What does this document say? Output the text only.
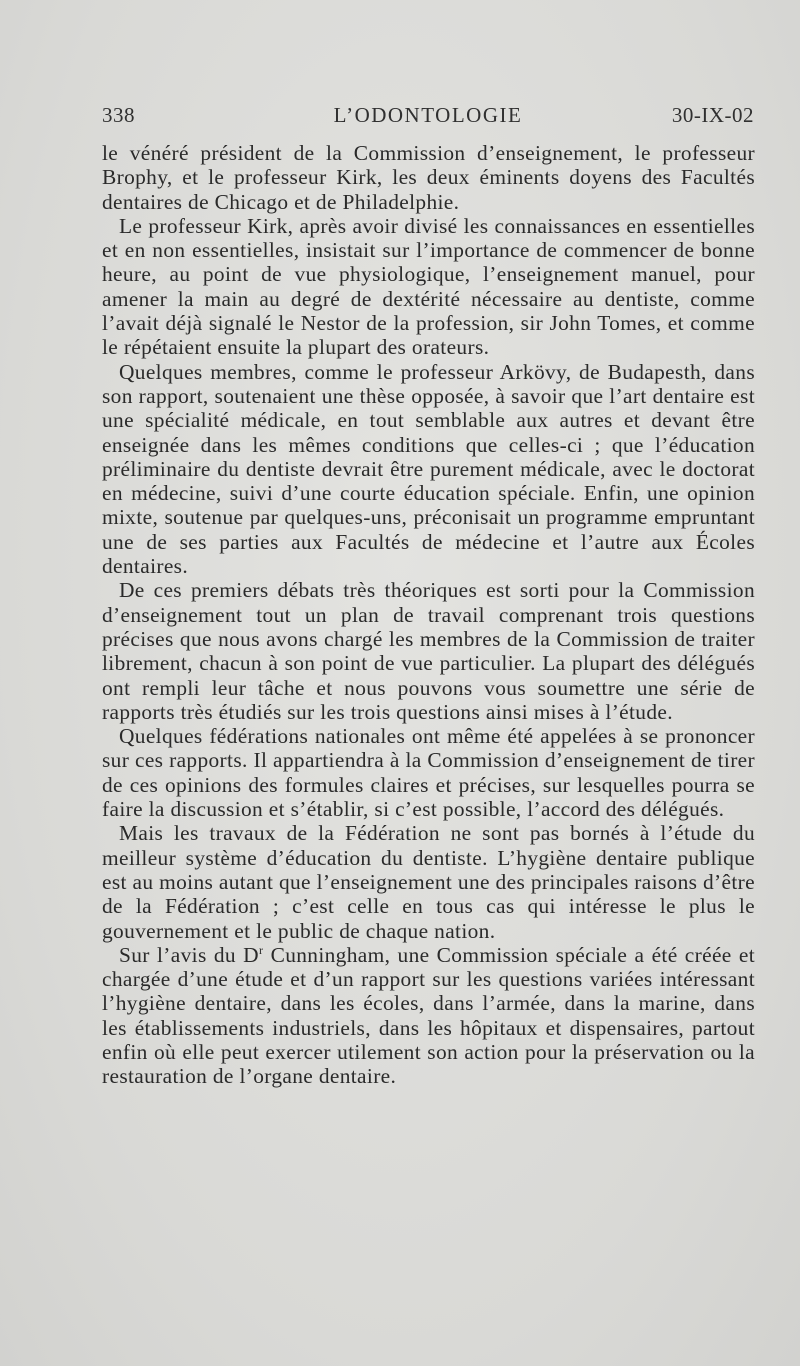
338	L’ODONTOLOGIE	30-IX-02

le vénéré président de la Commission d’enseignement, le professeur Brophy, et le professeur Kirk, les deux éminents doyens des Facultés dentaires de Chicago et de Philadelphie.

Le professeur Kirk, après avoir divisé les connaissances en essentielles et en non essentielles, insistait sur l’importance de commencer de bonne heure, au point de vue physiologique, l’enseignement manuel, pour amener la main au degré de dextérité nécessaire au dentiste, comme l’avait déjà signalé le Nestor de la profession, sir John Tomes, et comme le répétaient ensuite la plupart des orateurs.

Quelques membres, comme le professeur Arkövy, de Budapesth, dans son rapport, soutenaient une thèse opposée, à savoir que l’art dentaire est une spécialité médicale, en tout semblable aux autres et devant être enseignée dans les mêmes conditions que celles-ci ; que l’éducation préliminaire du dentiste devrait être purement médicale, avec le doctorat en médecine, suivi d’une courte éducation spéciale. Enfin, une opinion mixte, soutenue par quelques-uns, préconisait un programme empruntant une de ses parties aux Facultés de médecine et l’autre aux Écoles dentaires.

De ces premiers débats très théoriques est sorti pour la Commission d’enseignement tout un plan de travail comprenant trois questions précises que nous avons chargé les membres de la Commission de traiter librement, chacun à son point de vue particulier. La plupart des délégués ont rempli leur tâche et nous pouvons vous soumettre une série de rapports très étudiés sur les trois questions ainsi mises à l’étude.

Quelques fédérations nationales ont même été appelées à se prononcer sur ces rapports. Il appartiendra à la Commission d’enseignement de tirer de ces opinions des formules claires et précises, sur lesquelles pourra se faire la discussion et s’établir, si c’est possible, l’accord des délégués.

Mais les travaux de la Fédération ne sont pas bornés à l’étude du meilleur système d’éducation du dentiste. L’hygiène dentaire publique est au moins autant que l’enseignement une des principales raisons d’être de la Fédération ; c’est celle en tous cas qui intéresse le plus le gouvernement et le public de chaque nation.

Sur l’avis du $D^r$ Cunningham, une Commission spéciale a été créée et chargée d’une étude et d’un rapport sur les questions variées intéressant l’hygiène dentaire, dans les écoles, dans l’armée, dans la marine, dans les établissements industriels, dans les hôpitaux et dispensaires, partout enfin où elle peut exercer utilement son action pour la préservation ou la restauration de l’organe dentaire.
